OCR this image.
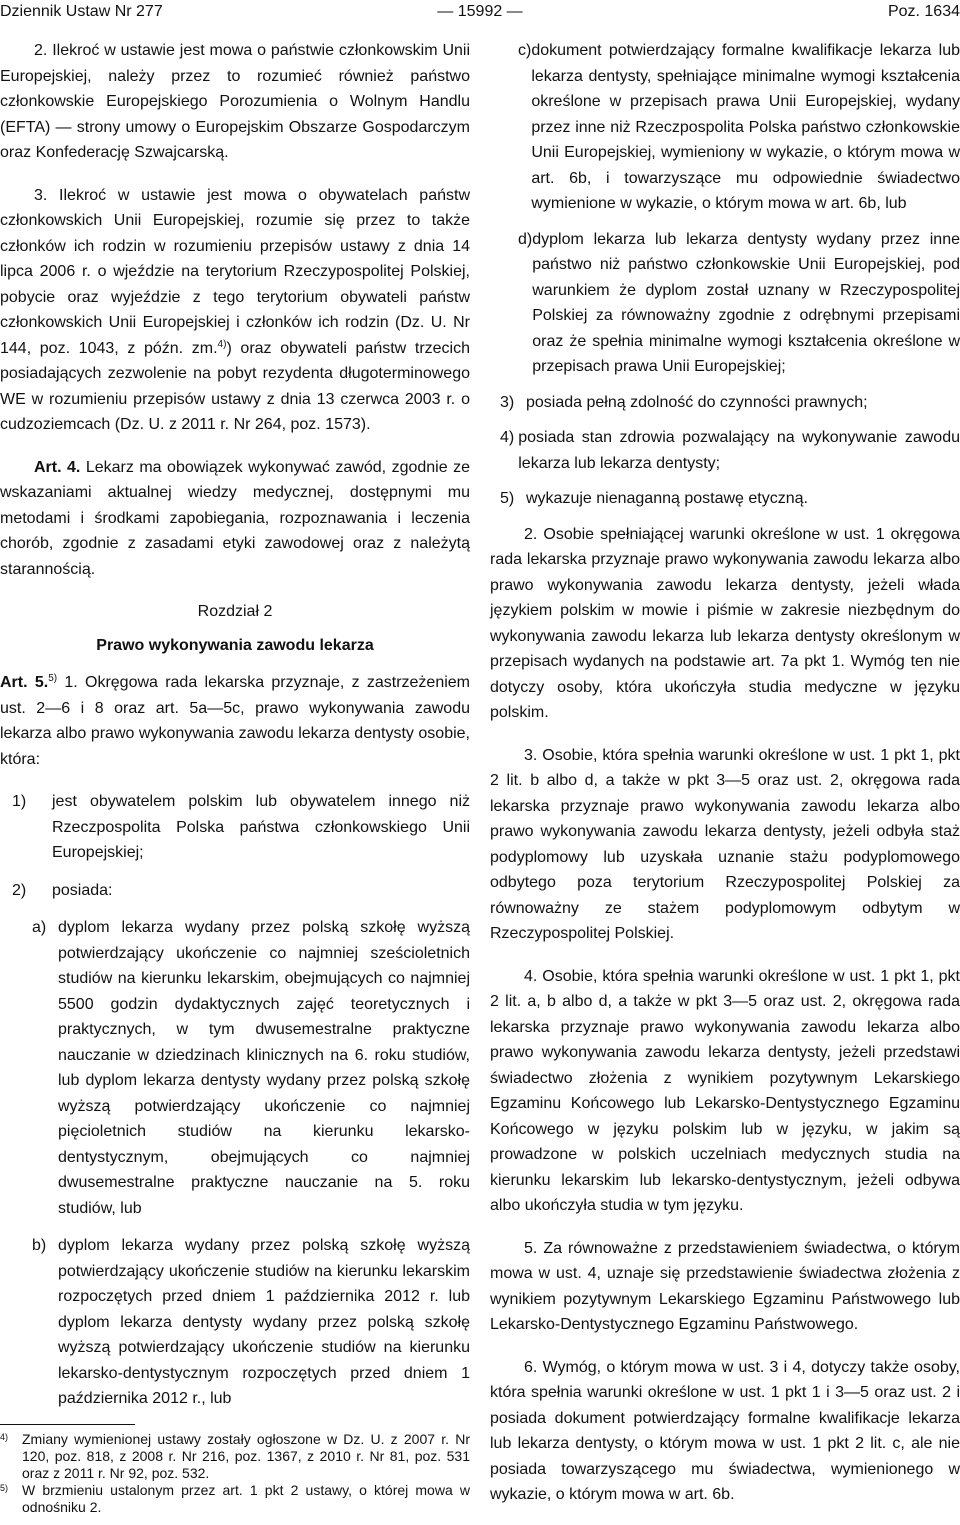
Dziennik Ustaw Nr 277	— 15992 —	Poz. 1634

2. Ilekroć w ustawie jest mowa o państwie członkowskim Unii Europejskiej, należy przez to rozumieć również państwo członkowskie Europejskiego Porozumienia o Wolnym Handlu (EFTA) — strony umowy o Europejskim Obszarze Gospodarczym oraz Konfederację Szwajcarską.

3. Ilekroć w ustawie jest mowa o obywatelach państw członkowskich Unii Europejskiej, rozumie się przez to także członków ich rodzin w rozumieniu przepisów ustawy z dnia 14 lipca 2006 r. o wjeździe na terytorium Rzeczypospolitej Polskiej, pobycie oraz wyjeździe z tego terytorium obywateli państw członkowskich Unii Europejskiej i członków ich rodzin (Dz. U. Nr 144, poz. 1043, z późn. zm.$^{4)}$) oraz obywateli państw trzecich posiadających zezwolenie na pobyt rezydenta długoterminowego WE w rozumieniu przepisów ustawy z dnia 13 czerwca 2003 r. o cudzoziemcach (Dz. U. z 2011 r. Nr 264, poz. 1573).

Art. 4. Lekarz ma obowiązek wykonywać zawód, zgodnie ze wskazaniami aktualnej wiedzy medycznej, dostępnymi mu metodami i środkami zapobiegania, rozpoznawania i leczenia chorób, zgodnie z zasadami etyki zawodowej oraz z należytą starannością.

Rozdział 2
Prawo wykonywania zawodu lekarza

Art. 5.$^{5)}$ 1. Okręgowa rada lekarska przyznaje, z zastrzeżeniem ust. 2—6 i 8 oraz art. 5a—5c, prawo wykonywania zawodu lekarza albo prawo wykonywania zawodu lekarza dentysty osobie, która:

1)	jest obywatelem polskim lub obywatelem innego niż Rzeczpospolita Polska państwa członkowskiego Unii Europejskiej;
2)	posiada:
a) dyplom lekarza wydany przez polską szkołę wyższą potwierdzający ukończenie co najmniej sześcioletnich studiów na kierunku lekarskim, obejmujących co najmniej 5500 godzin dydaktycznych zajęć teoretycznych i praktycznych, w tym dwusemestralne praktyczne nauczanie w dziedzinach klinicznych na 6. roku studiów, lub dyplom lekarza dentysty wydany przez polską szkołę wyższą potwierdzający ukończenie co najmniej pięcioletnich studiów na kierunku lekarsko-dentystycznym, obejmujących co najmniej dwusemestralne praktyczne nauczanie na 5. roku studiów, lub
b) dyplom lekarza wydany przez polską szkołę wyższą potwierdzający ukończenie studiów na kierunku lekarskim rozpoczętych przed dniem 1 października 2012 r. lub dyplom lekarza dentysty wydany przez polską szkołę wyższą potwierdzający ukończenie studiów na kierunku lekarsko-dentystycznym rozpoczętych przed dniem 1 października 2012 r., lub
$^{4)}$ Zmiany wymienionej ustawy zostały ogłoszone w Dz. U. z 2007 r. Nr 120, poz. 818, z 2008 r. Nr 216, poz. 1367, z 2010 r. Nr 81, poz. 531 oraz z 2011 r. Nr 92, poz. 532.
$^{5)}$ W brzmieniu ustalonym przez art. 1 pkt 2 ustawy, o której mowa w odnośniku 2.
c) dokument potwierdzający formalne kwalifikacje lekarza lub lekarza dentysty, spełniające minimalne wymogi kształcenia określone w przepisach prawa Unii Europejskiej, wydany przez inne niż Rzeczpospolita Polska państwo członkowskie Unii Europejskiej, wymieniony w wykazie, o którym mowa w art. 6b, i towarzyszące mu odpowiednie świadectwo wymienione w wykazie, o którym mowa w art. 6b, lub
d) dyplom lekarza lub lekarza dentysty wydany przez inne państwo niż państwo członkowskie Unii Europejskiej, pod warunkiem że dyplom został uznany w Rzeczypospolitej Polskiej za równoważny zgodnie z odrębnymi przepisami oraz że spełnia minimalne wymogi kształcenia określone w przepisach prawa Unii Europejskiej;
3) posiada pełną zdolność do czynności prawnych;
4) posiada stan zdrowia pozwalający na wykonywanie zawodu lekarza lub lekarza dentysty;
5) wykazuje nienaganną postawę etyczną.

2. Osobie spełniającej warunki określone w ust. 1 okręgowa rada lekarska przyznaje prawo wykonywania zawodu lekarza albo prawo wykonywania zawodu lekarza dentysty, jeżeli włada językiem polskim w mowie i piśmie w zakresie niezbędnym do wykonywania zawodu lekarza lub lekarza dentysty określonym w przepisach wydanych na podstawie art. 7a pkt 1. Wymóg ten nie dotyczy osoby, która ukończyła studia medyczne w języku polskim.

3. Osobie, która spełnia warunki określone w ust. 1 pkt 1, pkt 2 lit. b albo d, a także w pkt 3—5 oraz ust. 2, okręgowa rada lekarska przyznaje prawo wykonywania zawodu lekarza albo prawo wykonywania zawodu lekarza dentysty, jeżeli odbyła staż podyplomowy lub uzyskała uznanie stażu podyplomowego odbytego poza terytorium Rzeczypospolitej Polskiej za równoważny ze stażem podyplomowym odbytym w Rzeczypospolitej Polskiej.

4. Osobie, która spełnia warunki określone w ust. 1 pkt 1, pkt 2 lit. a, b albo d, a także w pkt 3—5 oraz ust. 2, okręgowa rada lekarska przyznaje prawo wykonywania zawodu lekarza albo prawo wykonywania zawodu lekarza dentysty, jeżeli przedstawi świadectwo złożenia z wynikiem pozytywnym Lekarskiego Egzaminu Końcowego lub Lekarsko-Dentystycznego Egzaminu Końcowego w języku polskim lub w języku, w jakim są prowadzone w polskich uczelniach medycznych studia na kierunku lekarskim lub lekarsko-dentystycznym, jeżeli odbywa albo ukończyła studia w tym języku.

5. Za równoważne z przedstawieniem świadectwa, o którym mowa w ust. 4, uznaje się przedstawienie świadectwa złożenia z wynikiem pozytywnym Lekarskiego Egzaminu Państwowego lub Lekarsko-Dentystycznego Egzaminu Państwowego.

6. Wymóg, o którym mowa w ust. 3 i 4, dotyczy także osoby, która spełnia warunki określone w ust. 1 pkt 1 i 3—5 oraz ust. 2 i posiada dokument potwierdzający formalne kwalifikacje lekarza lub lekarza dentysty, o którym mowa w ust. 1 pkt 2 lit. c, ale nie posiada towarzyszącego mu świadectwa, wymienionego w wykazie, o którym mowa w art. 6b.
